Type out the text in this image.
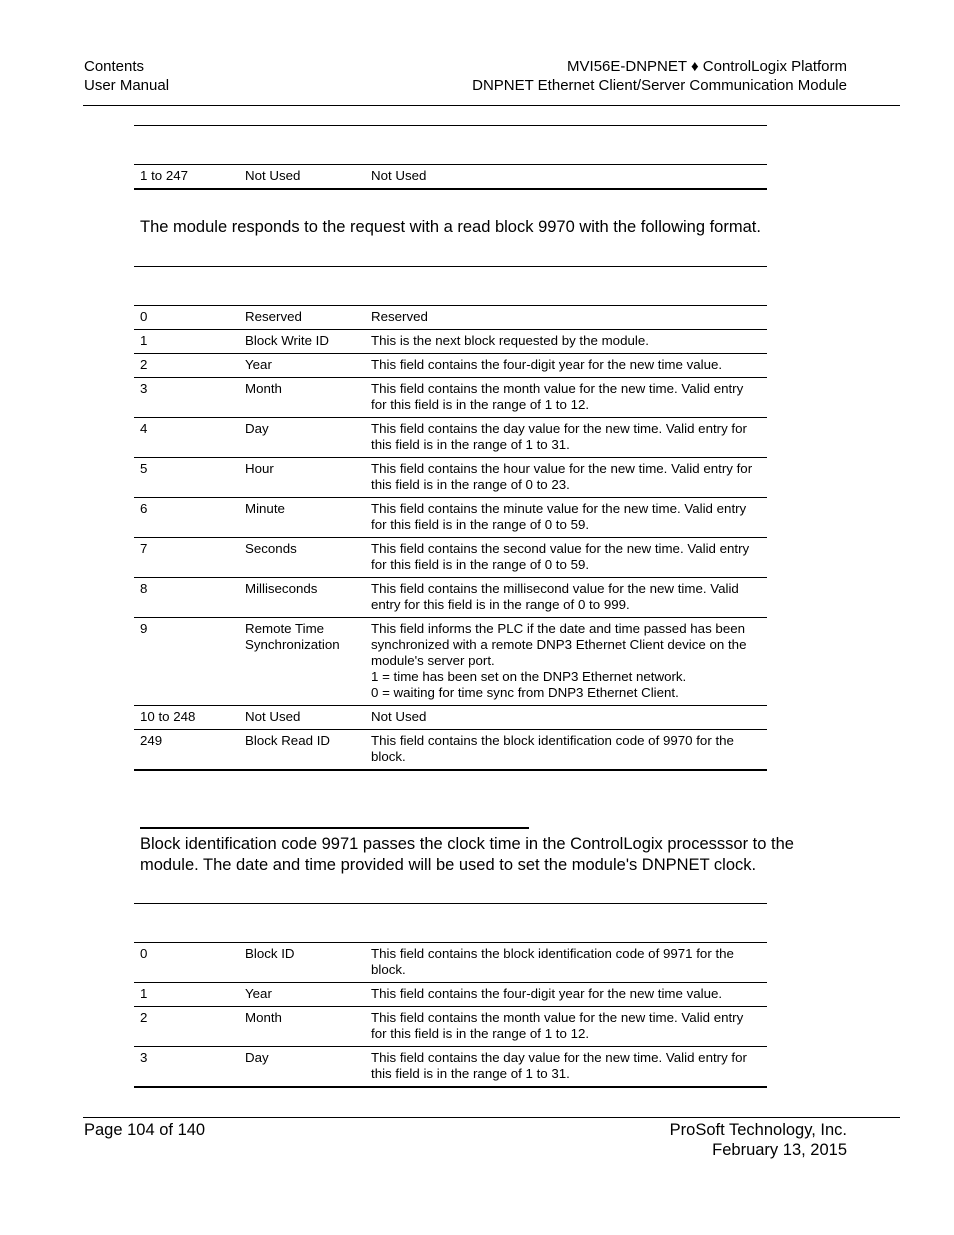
Contents
User Manual
MVI56E-DNPNET ♦ ControlLogix Platform
DNPNET Ethernet Client/Server Communication Module

1 to 247	Not Used	Not Used
The module responds to the request with a read block 9970 with the following format.

0	Reserved	Reserved
1	Block Write ID	This is the next block requested by the module.
2	Year	This field contains the four-digit year for the new time value.
3	Month	This field contains the month value for the new time. Valid entry for this field is in the range of 1 to 12.
4	Day	This field contains the day value for the new time. Valid entry for this field is in the range of 1 to 31.
5	Hour	This field contains the hour value for the new time. Valid entry for this field is in the range of 0 to 23.
6	Minute	This field contains the minute value for the new time. Valid entry for this field is in the range of 0 to 59.
7	Seconds	This field contains the second value for the new time. Valid entry for this field is in the range of 0 to 59.
8	Milliseconds	This field contains the millisecond value for the new time. Valid entry for this field is in the range of 0 to 999.
9	Remote Time Synchronization	This field informs the PLC if the date and time passed has been synchronized with a remote DNP3 Ethernet Client device on the module's server port.
1 = time has been set on the DNP3 Ethernet network.
0 = waiting for time sync from DNP3 Ethernet Client.
10 to 248	Not Used	Not Used
249	Block Read ID	This field contains the block identification code of 9970 for the block.
Block identification code 9971 passes the clock time in the ControlLogix processsor to the module. The date and time provided will be used to set the module's DNPNET clock.

0	Block ID	This field contains the block identification code of 9971 for the block.
1	Year	This field contains the four-digit year for the new time value.
2	Month	This field contains the month value for the new time. Valid entry for this field is in the range of 1 to 12.
3	Day	This field contains the day value for the new time. Valid entry for this field is in the range of 1 to 31.
Page 104 of 140	ProSoft Technology, Inc.
February 13, 2015
